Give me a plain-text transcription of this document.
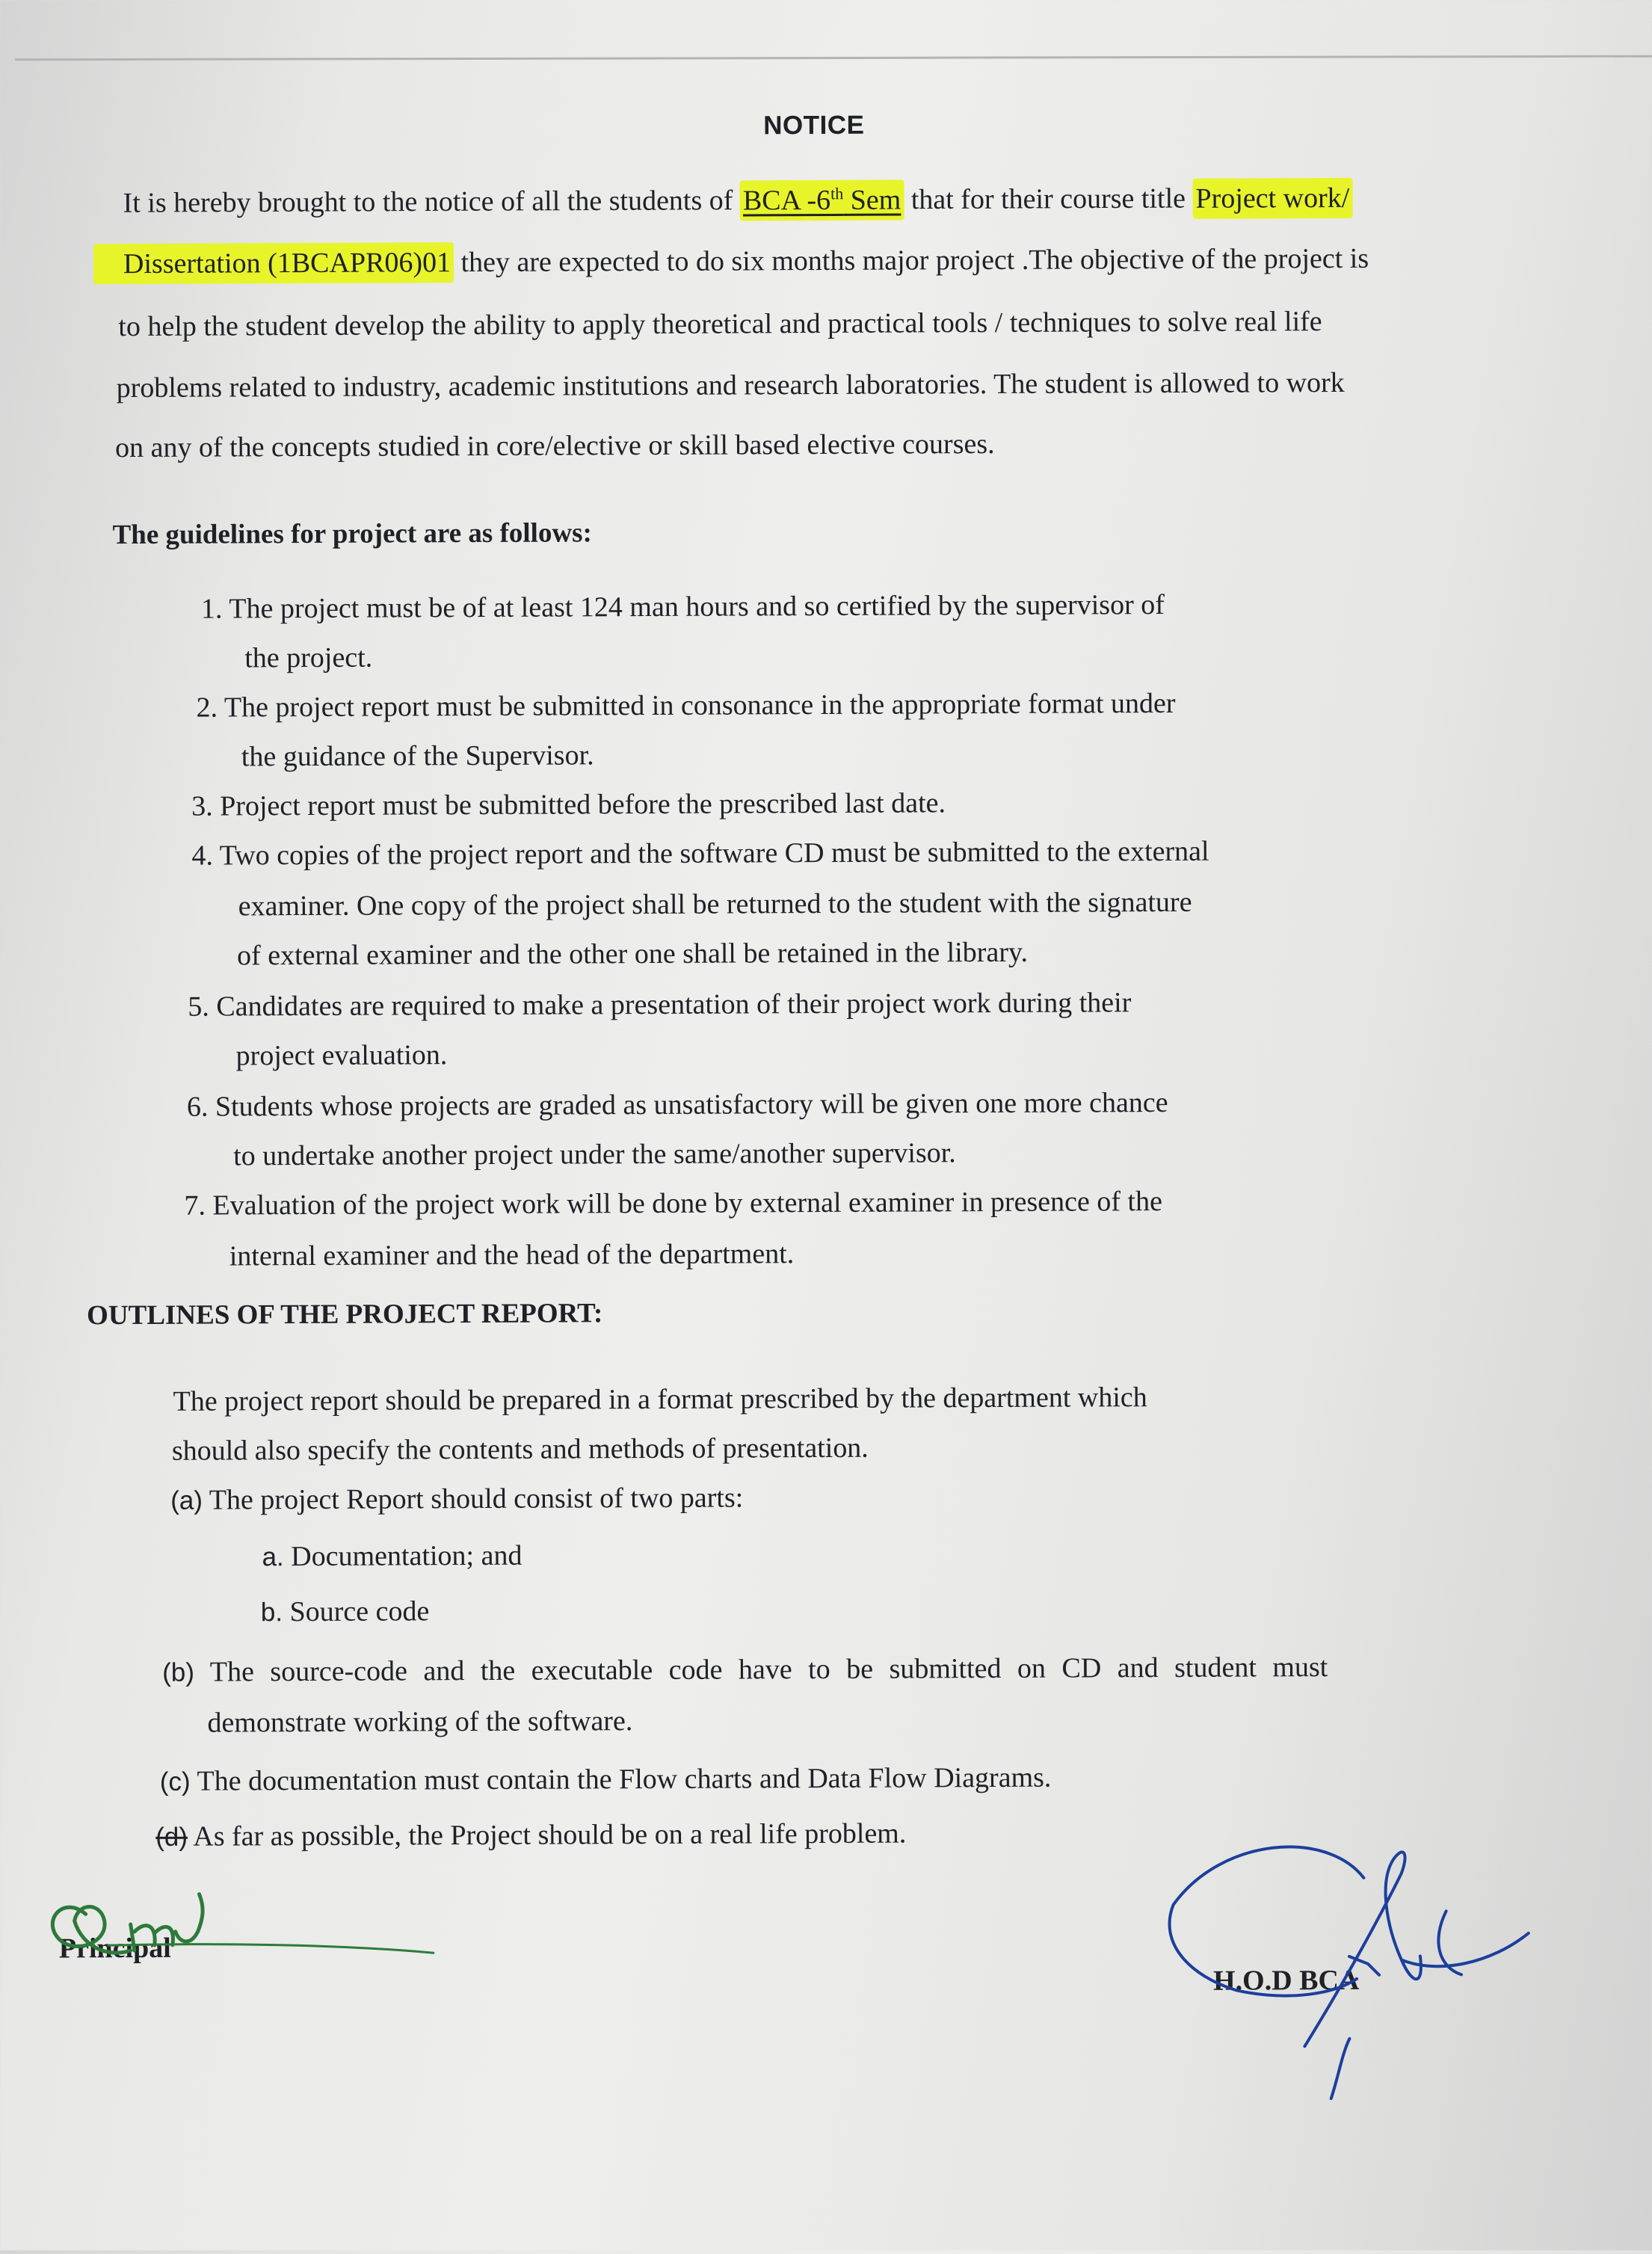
NOTICE
It is hereby brought to the notice of all the students of BCA -6th Sem that for their course title Project work/
Dissertation (1BCAPR06)01 they are expected to do six months major project .The objective of the project is
to help the student develop the ability to apply theoretical and practical tools / techniques to solve real life
problems related to industry, academic institutions and research laboratories. The student is allowed to work
on any of the concepts studied in core/elective or skill based elective courses.
The guidelines for project are as follows:
1. The project must be of at least 124 man hours and so certified by the supervisor of
the project.
2. The project report must be submitted in consonance in the appropriate format under
the guidance of the Supervisor.
3. Project report must be submitted before the prescribed last date.
4. Two copies of the project report and the software CD must be submitted to the external
examiner. One copy of the project shall be returned to the student with the signature
of external examiner and the other one shall be retained in the library.
5. Candidates are required to make a presentation of their project work during their
project evaluation.
6. Students whose projects are graded as unsatisfactory will be given one more chance
to undertake another project under the same/another supervisor.
7. Evaluation of the project work will be done by external examiner in presence of the
internal examiner and the head of the department.
OUTLINES OF THE PROJECT REPORT:
The project report should be prepared in a format prescribed by the department which
should also specify the contents and methods of presentation.
(a) The project Report should consist of two parts:
a. Documentation; and
b. Source code
(b) The source-code and the executable code have to be submitted on CD and student must
demonstrate working of the software.
(c) The documentation must contain the Flow charts and Data Flow Diagrams.
(d) As far as possible, the Project should be on a real life problem.
Principal
H.O.D BCA
